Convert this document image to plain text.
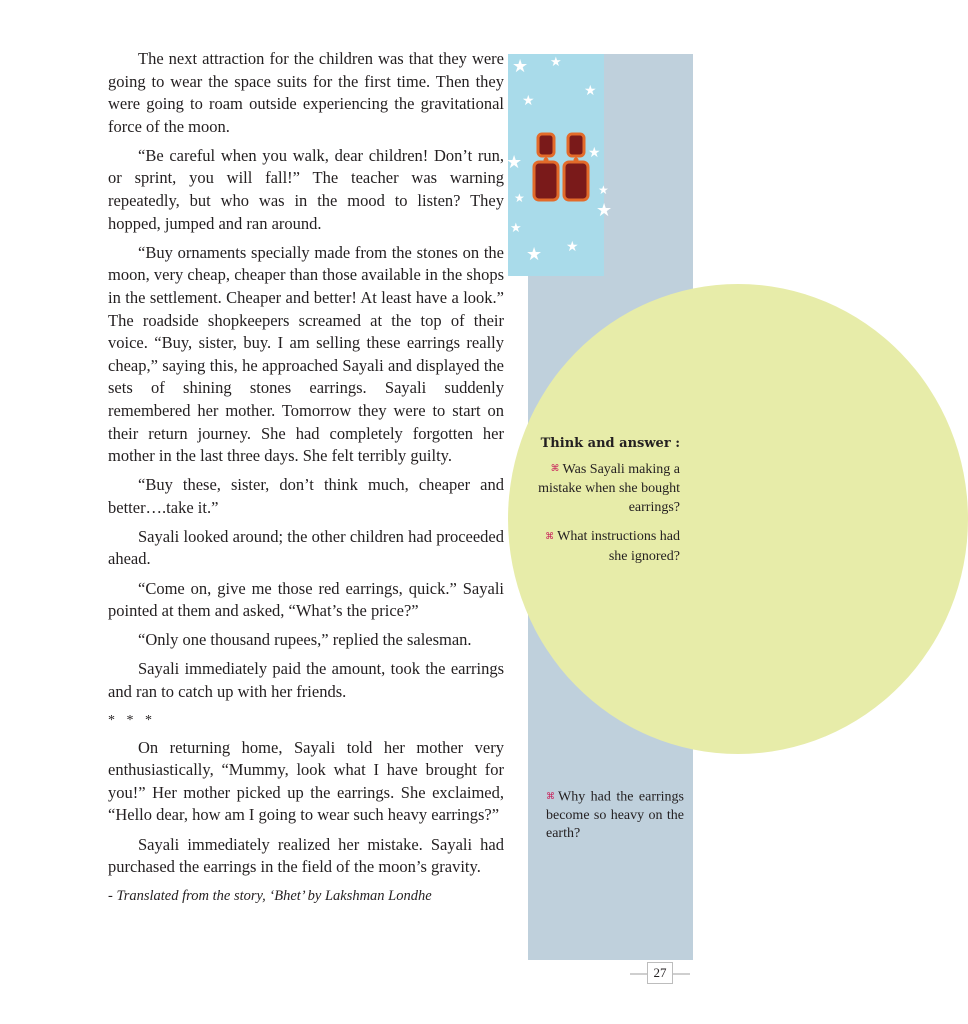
★ ★
★
★
★	★
★
★
★
★ ★
★

The next attraction for the children was that they were going to wear the space suits for the first time. Then they were going to roam outside experiencing the gravitational force of the moon.

“Be careful when you walk, dear children! Don’t run, or sprint, you will fall!” The teacher was warning repeatedly, but who was in the mood to listen? They hopped, jumped and ran around.

“Buy ornaments specially made from the stones on the moon, very cheap, cheaper than those available in the shops in the settlement. Cheaper and better! At least have a look.” The roadside shopkeepers screamed at the top of their voice. “Buy, sister, buy. I am selling these earrings really cheap,” saying this, he approached Sayali and displayed the sets of shining stones earrings. Sayali suddenly remembered her mother. Tomorrow they were to start on their return journey. She had completely forgotten her mother in the last three days. She felt terribly guilty.

“Buy these, sister, don’t think much, cheaper and better….take it.”

Sayali looked around; the other children had proceeded ahead.

“Come on, give me those red earrings, quick.” Sayali pointed at them and asked, “What’s the price?”

“Only one thousand rupees,” replied the salesman.

Sayali immediately paid the amount, took the earrings and ran to catch up with her friends.

* * *

On returning home, Sayali told her mother very enthusiastically, “Mummy, look what I have brought for you!” Her mother picked up the earrings. She exclaimed, “Hello dear, how am I going to wear such heavy earrings?”

Sayali immediately realized her mistake. Sayali had purchased the earrings in the field of the moon’s gravity.

- Translated from the story, ‘Bhet’ by Lakshman Londhe

Think and answer :
⌘ Was Sayali making a mistake when she bought earrings?
⌘ What instructions had she ignored?
⌘ Why had the earrings become so heavy on the earth?
27
